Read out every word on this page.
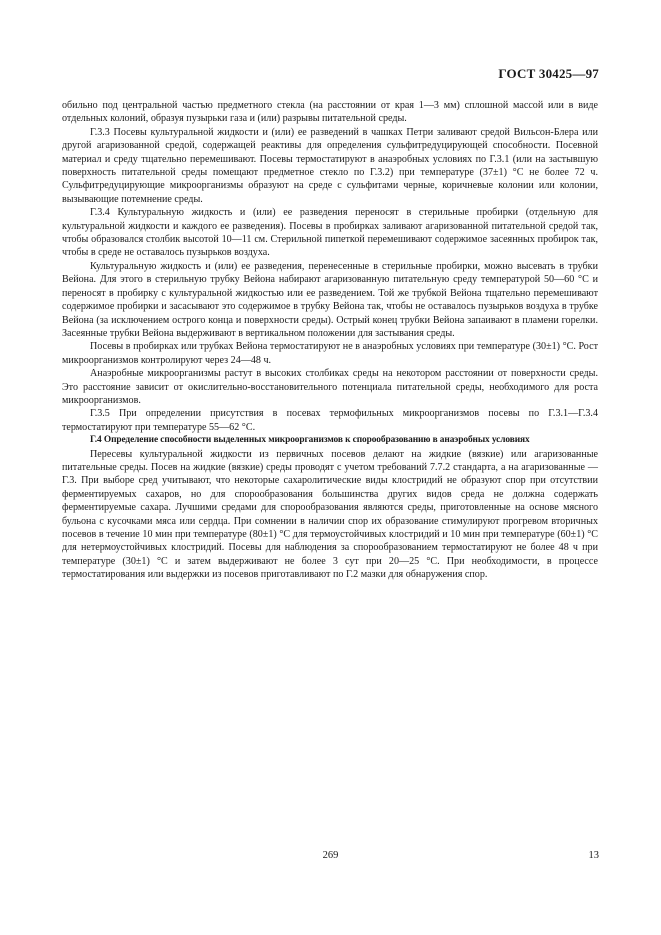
ГОСТ 30425—97

обильно под центральной частью предметного стекла (на расстоянии от края 1—3 мм) сплошной массой или в виде отдельных колоний, образуя пузырьки газа и (или) разрывы питательной среды.

Г.3.3 Посевы культуральной жидкости и (или) ее разведений в чашках Петри заливают средой Вильсон-Блера или другой агаризованной средой, содержащей реактивы для определения сульфитредуцирующей способности. Посевной материал и среду тщательно перемешивают. Посевы термостатируют в анаэробных условиях по Г.3.1 (или на застывшую поверхность питательной среды помещают предметное стекло по Г.3.2) при температуре (37±1) °С не более 72 ч. Сульфитредуцирующие микроорганизмы образуют на среде с сульфитами черные, коричневые колонии или колонии, вызывающие потемнение среды.

Г.3.4 Культуральную жидкость и (или) ее разведения переносят в стерильные пробирки (отдельную для культуральной жидкости и каждого ее разведения). Посевы в пробирках заливают агаризованной питательной средой так, чтобы образовался столбик высотой 10—11 см. Стерильной пипеткой перемешивают содержимое засеянных пробирок так, чтобы в среде не оставалось пузырьков воздуха.

Культуральную жидкость и (или) ее разведения, перенесенные в стерильные пробирки, можно высевать в трубки Вейона. Для этого в стерильную трубку Вейона набирают агаризованную питательную среду температурой 50—60 °С и переносят в пробирку с культуральной жидкостью или ее разведением. Той же трубкой Вейона тщательно перемешивают содержимое пробирки и засасывают это содержимое в трубку Вейона так, чтобы не оставалось пузырьков воздуха в трубке Вейона (за исключением острого конца и поверхности среды). Острый конец трубки Вейона запаивают в пламени горелки. Засеянные трубки Вейона выдерживают в вертикальном положении для застывания среды.

Посевы в пробирках или трубках Вейона термостатируют не в анаэробных условиях при температуре (30±1) °С. Рост микроорганизмов контролируют через 24—48 ч.

Анаэробные микроорганизмы растут в высоких столбиках среды на некотором расстоянии от поверхности среды. Это расстояние зависит от окислительно-восстановительного потенциала питательной среды, необходимого для роста микроорганизмов.

Г.3.5 При определении присутствия в посевах термофильных микроорганизмов посевы по Г.3.1—Г.3.4 термостатируют при температуре 55—62 °С.

Г.4 Определение способности выделенных микроорганизмов к спорообразованию в анаэробных условиях

Пересевы культуральной жидкости из первичных посевов делают на жидкие (вязкие) или агаризованные питательные среды. Посев на жидкие (вязкие) среды проводят с учетом требований 7.7.2 стандарта, а на агаризованные — Г.3. При выборе сред учитывают, что некоторые сахаролитические виды клостридий не образуют спор при отсутствии ферментируемых сахаров, но для спорообразования большинства других видов среда не должна содержать ферментируемые сахара. Лучшими средами для спорообразования являются среды, приготовленные на основе мясного бульона с кусочками мяса или сердца. При сомнении в наличии спор их образование стимулируют прогревом вторичных посевов в течение 10 мин при температуре (80±1) °С для термоустойчивых клостридий и 10 мин при температуре (60±1) °С для нетермоустойчивых клостридий. Посевы для наблюдения за спорообразованием термостатируют не более 48 ч при температуре (30±1) °С и затем выдерживают не более 3 сут при 20—25 °С. При необходимости, в процессе термостатирования или выдержки из посевов приготавливают по Г.2 мазки для обнаружения спор.

269	13
